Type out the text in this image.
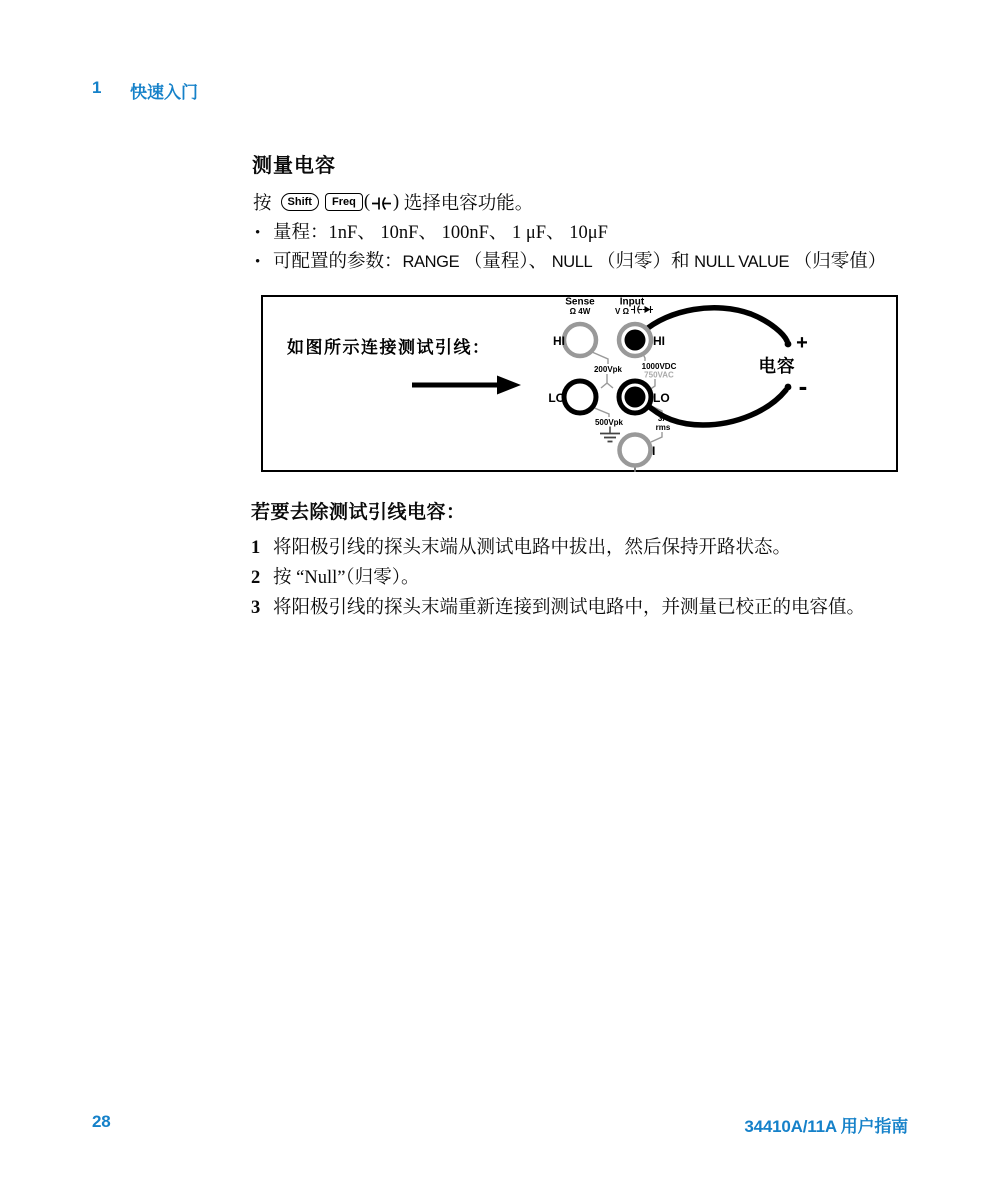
1	快速入门
测量电容
按	Shift	Freq ( ) 选择电容功能。
• 量程：1nF、 10nF、 100nF、 1 μF、 10μF
• 可配置的参数：RANGE （量程）、 NULL （归零）和 NULL VALUE （归零值）
如图所示连接测试引线：
Sense
Ω 4W
Input
V Ω
HI	HI
LO	LO
I
200Vpk 1000VDC
750VAC
500Vpk	3A
rms
+
电容
-
若要去除测试引线电容：
1 将阳极引线的探头末端从测试电路中拔出，然后保持开路状态。
2 按 “Null”（归零）。
3 将阳极引线的探头末端重新连接到测试电路中，并测量已校正的电容值。
28	34410A/11A 用户指南
